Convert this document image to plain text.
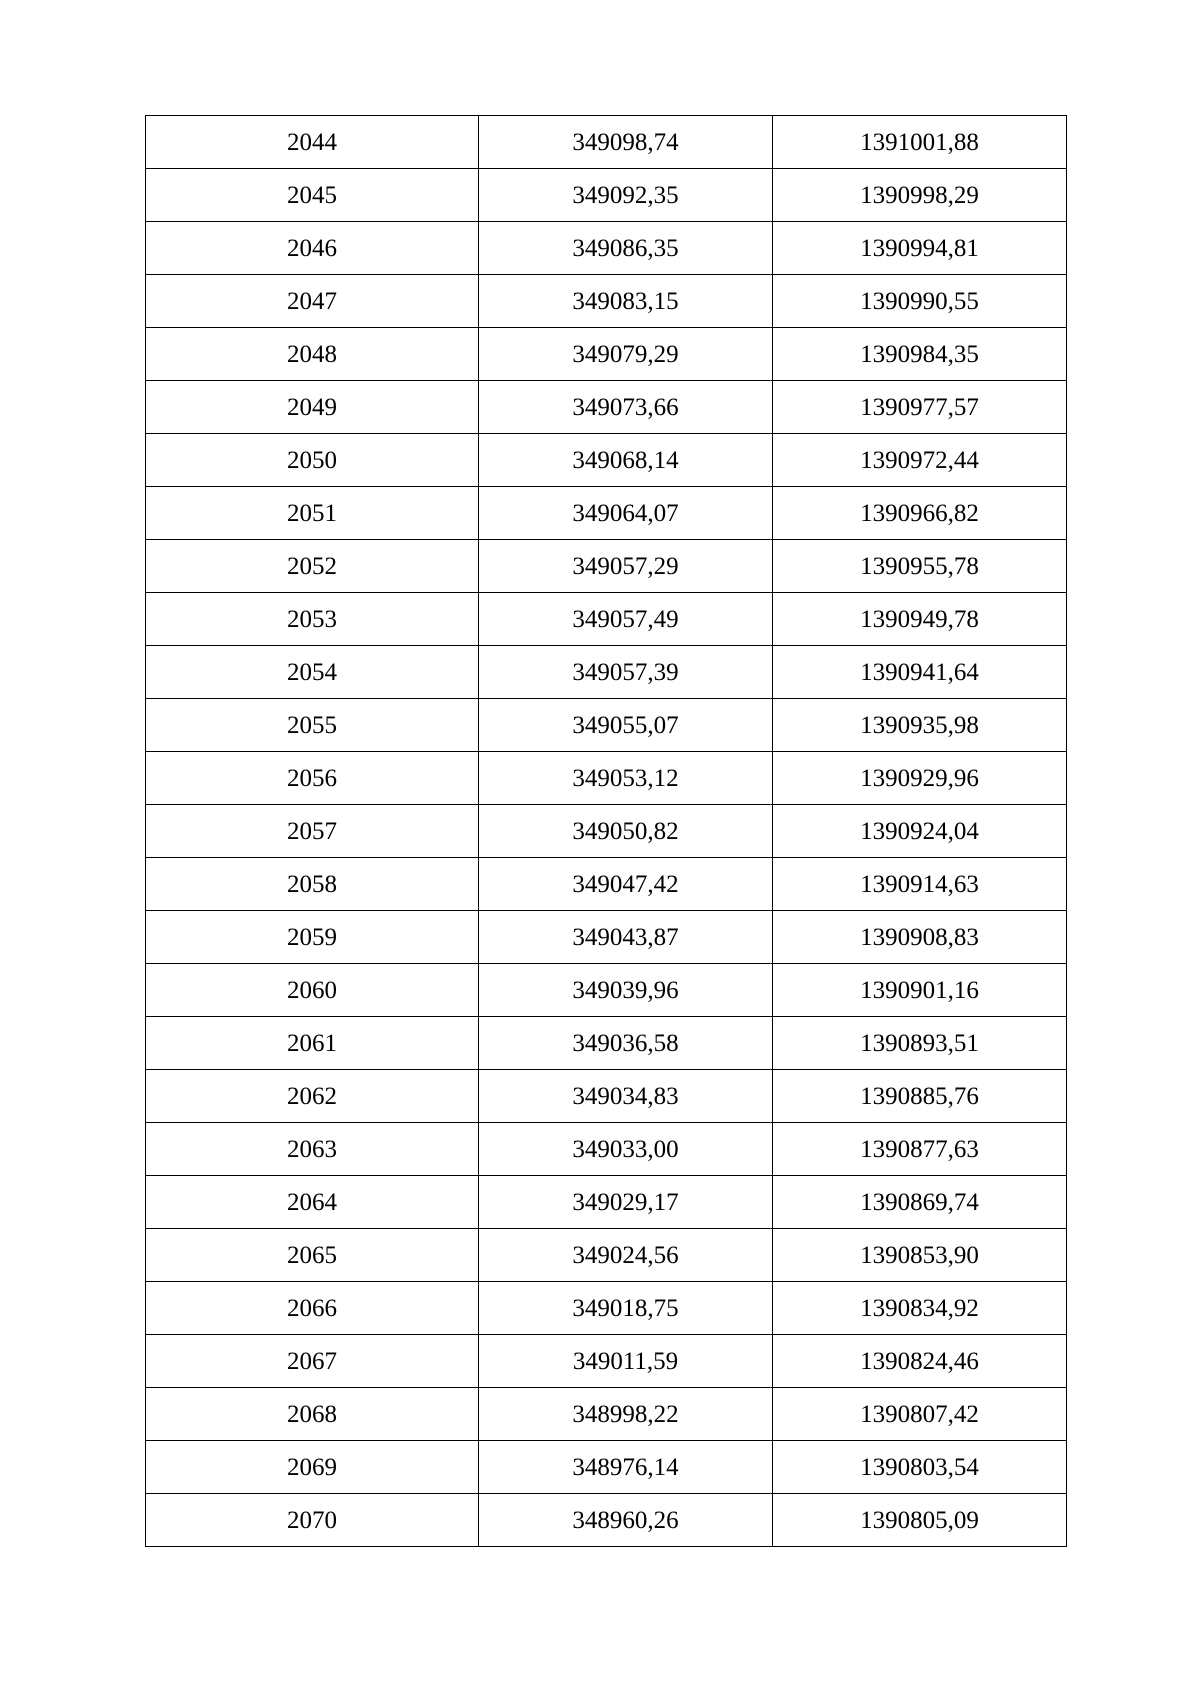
2044	349098,74	1391001,88
2045	349092,35	1390998,29
2046	349086,35	1390994,81
2047	349083,15	1390990,55
2048	349079,29	1390984,35
2049	349073,66	1390977,57
2050	349068,14	1390972,44
2051	349064,07	1390966,82
2052	349057,29	1390955,78
2053	349057,49	1390949,78
2054	349057,39	1390941,64
2055	349055,07	1390935,98
2056	349053,12	1390929,96
2057	349050,82	1390924,04
2058	349047,42	1390914,63
2059	349043,87	1390908,83
2060	349039,96	1390901,16
2061	349036,58	1390893,51
2062	349034,83	1390885,76
2063	349033,00	1390877,63
2064	349029,17	1390869,74
2065	349024,56	1390853,90
2066	349018,75	1390834,92
2067	349011,59	1390824,46
2068	348998,22	1390807,42
2069	348976,14	1390803,54
2070	348960,26	1390805,09
